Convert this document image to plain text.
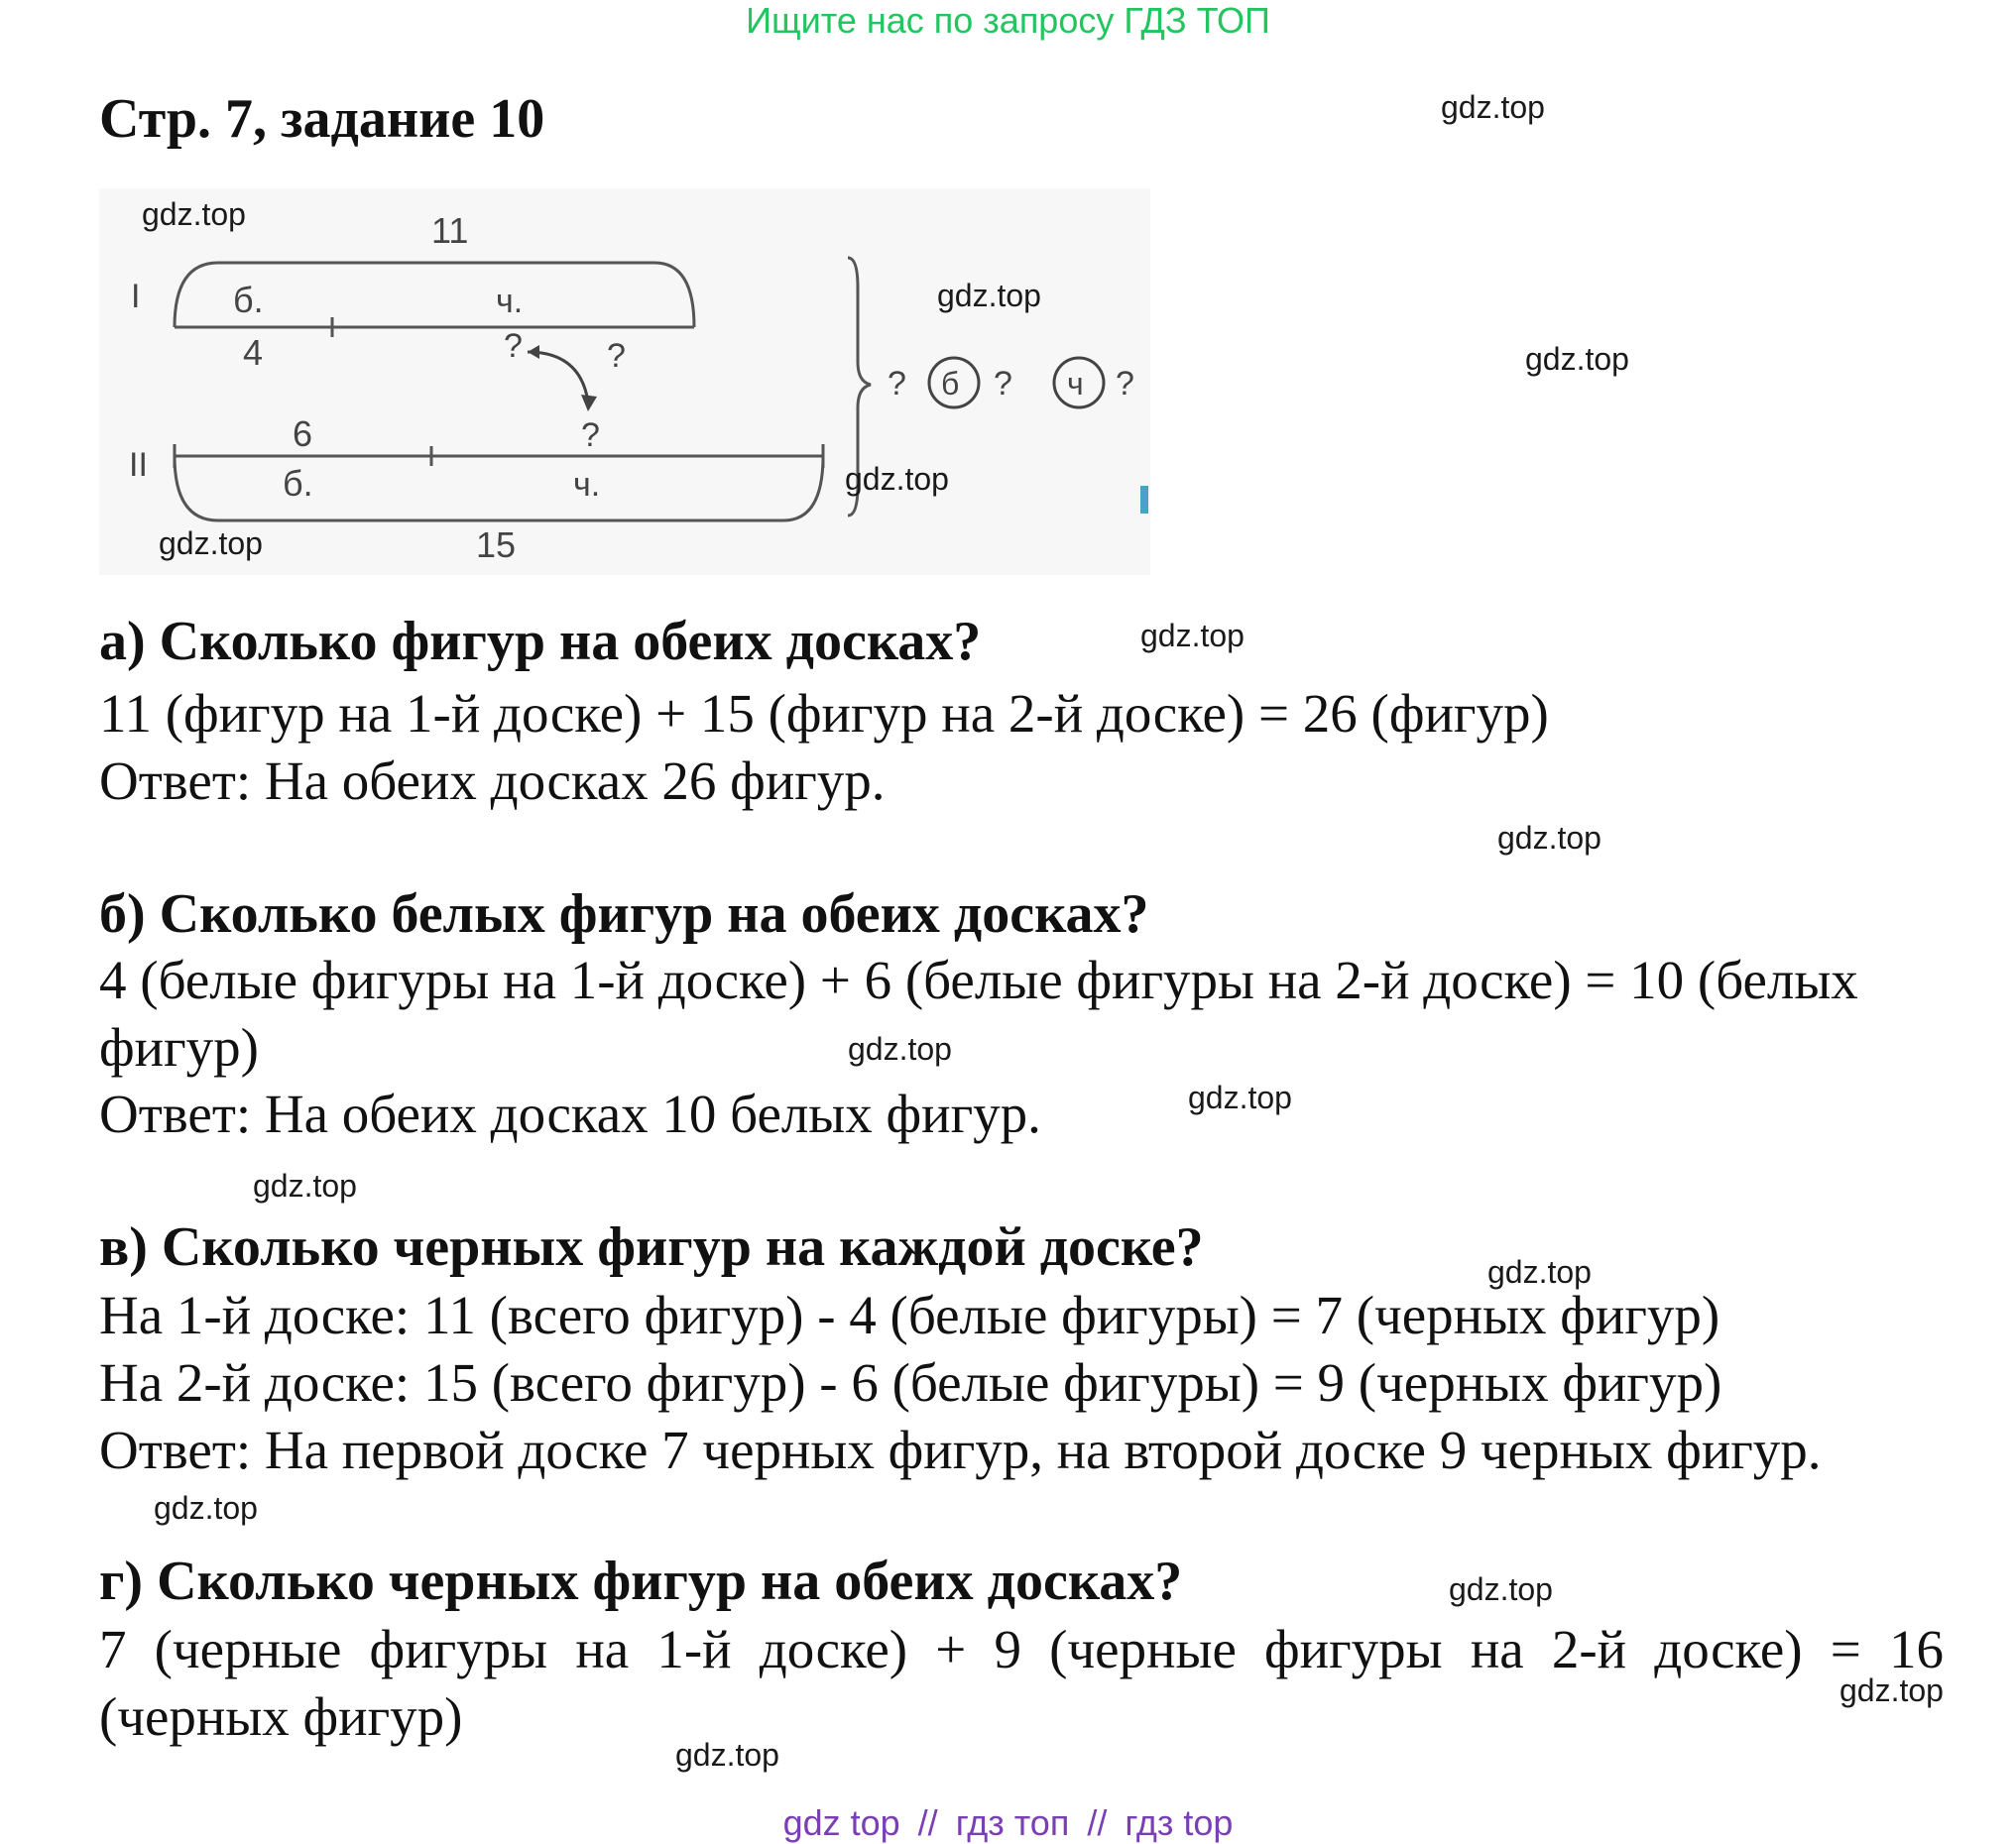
Ищите нас по запросу ГДЗ ТОП
Стр. 7, задание 10
I
11
б.	ч.
4	?	?
II
6	?
б.	ч.
15
? б ? ч ?
а) Сколько фигур на обеих досках?
11 (фигур на 1-й доске) + 15 (фигур на 2-й доске) = 26 (фигур)
Ответ: На обеих досках 26 фигур.
б) Сколько белых фигур на обеих досках?
4 (белые фигуры на 1-й доске) + 6 (белые фигуры на 2-й доске) = 10 (белых фигур)
Ответ: На обеих досках 10 белых фигур.
в) Сколько черных фигур на каждой доске?
На 1-й доске: 11 (всего фигур) - 4 (белые фигуры) = 7 (черных фигур)
На 2-й доске: 15 (всего фигур) - 6 (белые фигуры) = 9 (черных фигур)
Ответ: На первой доске 7 черных фигур, на второй доске 9 черных фигур.
г) Сколько черных фигур на обеих досках?
7 (черные фигуры на 1-й доске) + 9 (черные фигуры на 2-й доске) = 16 (черных фигур)
gdz.top
gdz.top
gdz.top
gdz.top
gdz.top
gdz.top
gdz.top
gdz.top
gdz.top
gdz.top
gdz.top
gdz.top
gdz.top
gdz.top
gdz.top
gdz.top
gdz top // гдз топ // гдз top
